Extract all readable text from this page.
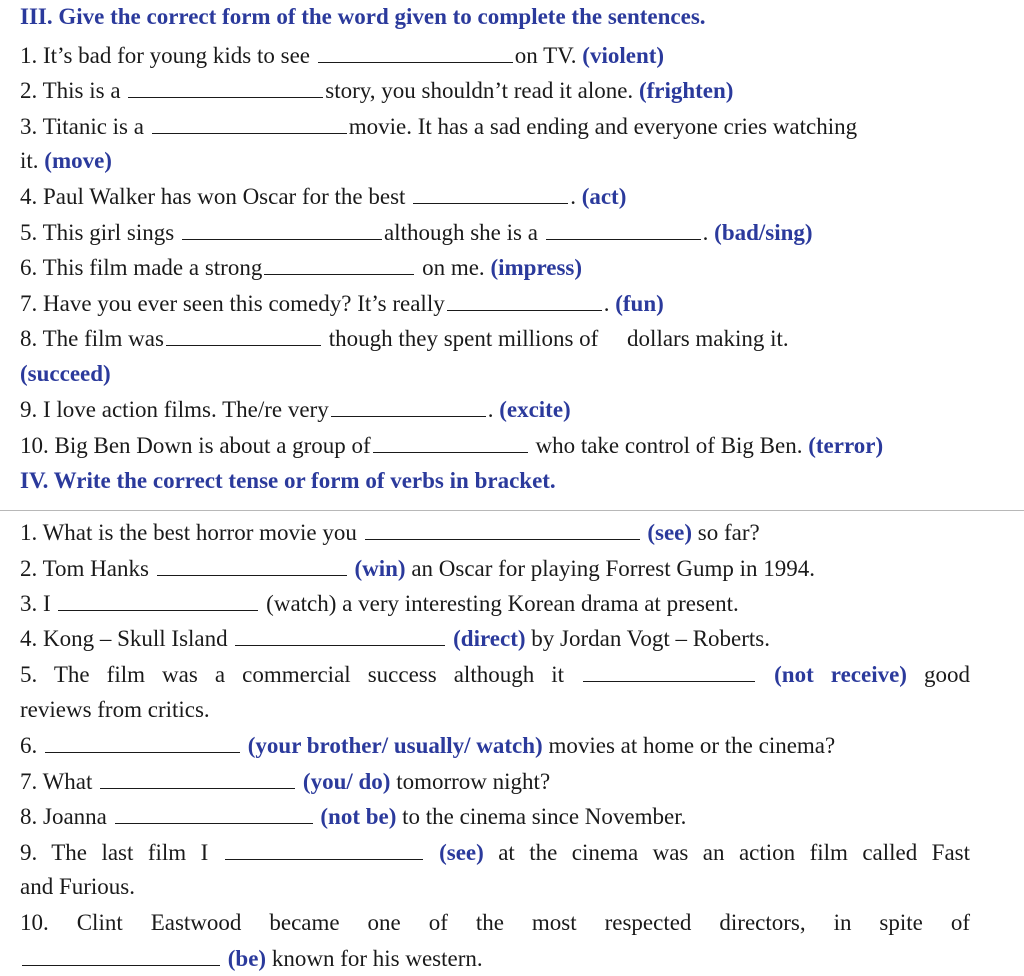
III. Give the correct form of the word given to complete the sentences.
1. It’s bad for young kids to see	on TV. (violent)
2. This is a	story, you shouldn’t read it alone. (frighten)
3. Titanic is a	movie. It has a sad ending and everyone cries watching
it. (move)
4. Paul Walker has won Oscar for the best	. (act)
5. This girl sings	although she is a	. (bad/sing)
6. This film made a strong	on me. (impress)
7. Have you ever seen this comedy? It’s really	. (fun)
8. The film was	though they spent millions of     dollars making it.
(succeed)
9. I love action films. The/re very	. (excite)
10. Big Ben Down is about a group of	who take control of Big Ben. (terror)
IV. Write the correct tense or form of verbs in bracket.
1. What is the best horror movie you	(see) so far?
2. Tom Hanks	(win) an Oscar for playing Forrest Gump in 1994.
3. I	(watch) a very interesting Korean drama at present.
4. Kong – Skull Island	(direct) by Jordan Vogt – Roberts.
5. The film was a commercial success although it	(not receive) good
reviews from critics.
6.	(your brother/ usually/ watch) movies at home or the cinema?
7. What	(you/ do) tomorrow night?
8. Joanna	(not be) to the cinema since November.
9. The last film I	(see) at the cinema was an action film called Fast
and Furious.
10. Clint Eastwood became one of the most respected directors, in spite of
(be) known for his western.
